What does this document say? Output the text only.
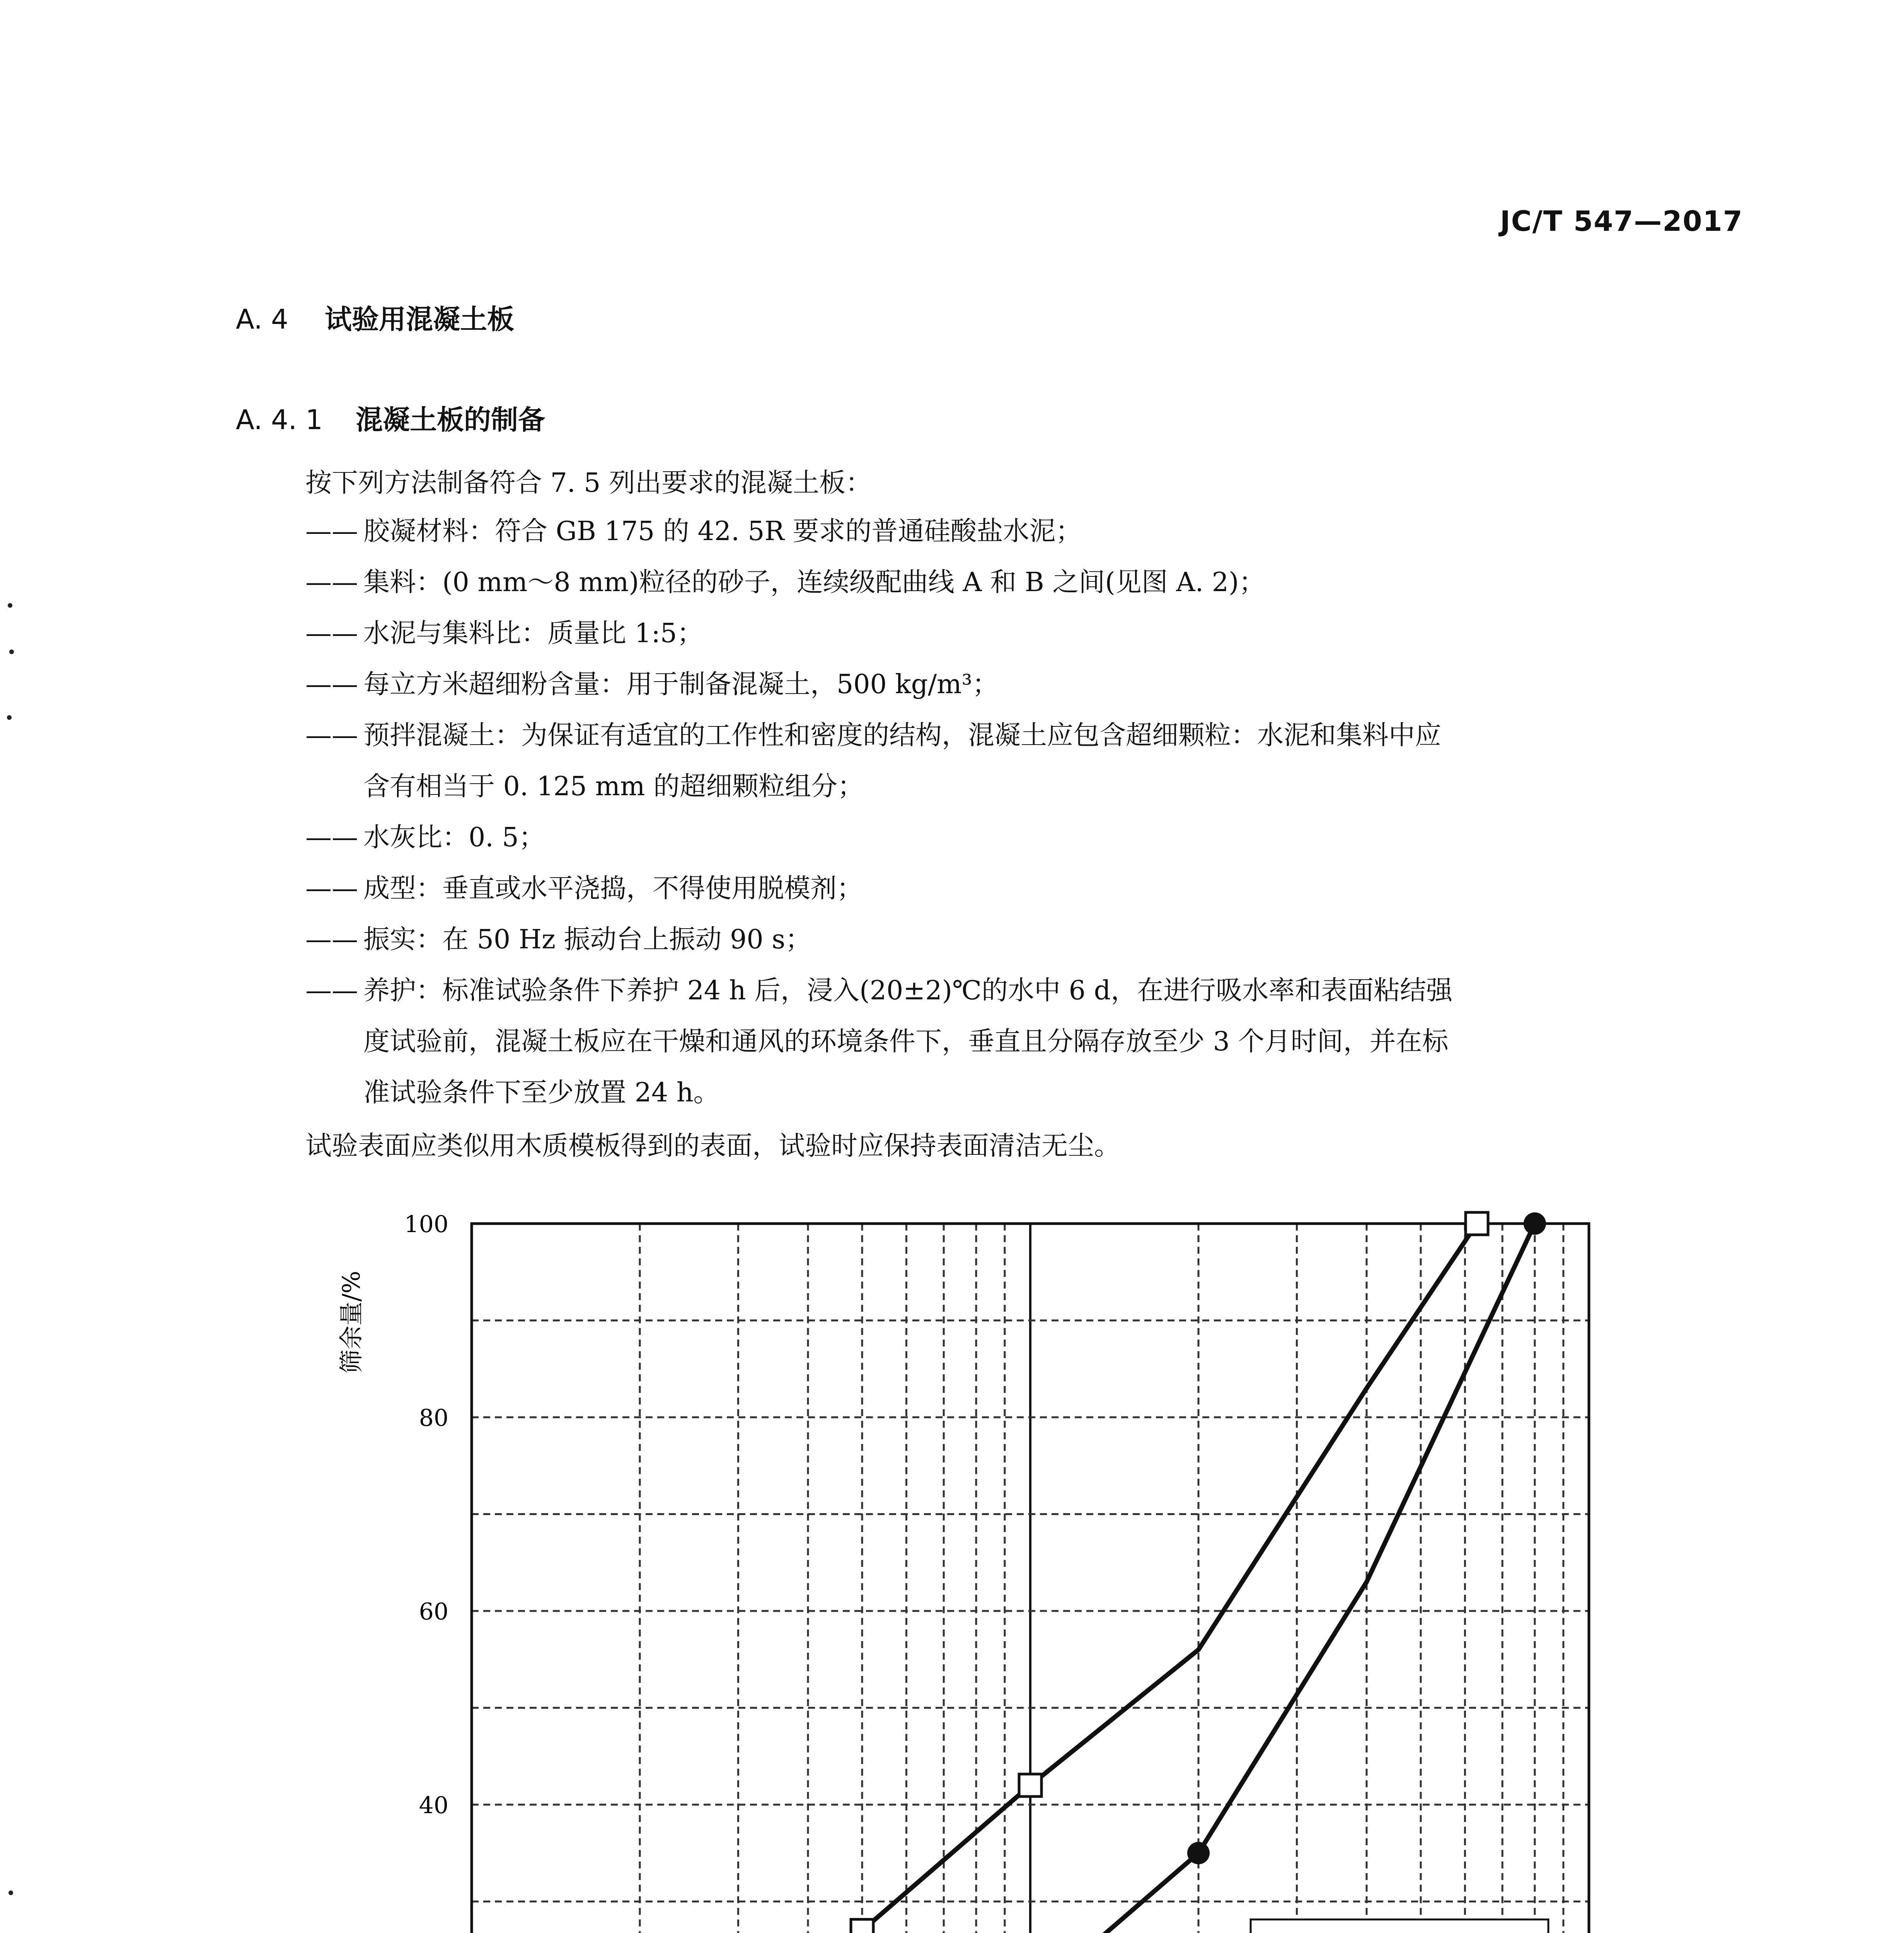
JC/T 547—2017
A. 4 试验用混凝土板
A. 4. 1 混凝土板的制备
按下列方法制备符合 7. 5 列出要求的混凝土板：
—— 胶凝材料：符合 GB 175 的 42. 5R 要求的普通硅酸盐水泥；
—— 集料：(0 mm～8 mm)粒径的砂子，连续级配曲线 A 和 B 之间(见图 A. 2)；
—— 水泥与集料比：质量比 1:5；
—— 每立方米超细粉含量：用于制备混凝土，500 kg/m³；
—— 预拌混凝土：为保证有适宜的工作性和密度的结构，混凝土应包含超细颗粒：水泥和集料中应
含有相当于 0. 125 mm 的超细颗粒组分；
—— 水灰比：0. 5；
—— 成型：垂直或水平浇捣，不得使用脱模剂；
—— 振实：在 50 Hz 振动台上振动 90 s；
—— 养护：标准试验条件下养护 24 h 后，浸入(20±2)℃的水中 6 d，在进行吸水率和表面粘结强
度试验前，混凝土板应在干燥和通风的环境条件下，垂直且分隔存放至少 3 个月时间，并在标
准试验条件下至少放置 24 h。
试验表面应类似用木质模板得到的表面，试验时应保持表面清洁无尘。
40
60
80
100
筛余量/%
